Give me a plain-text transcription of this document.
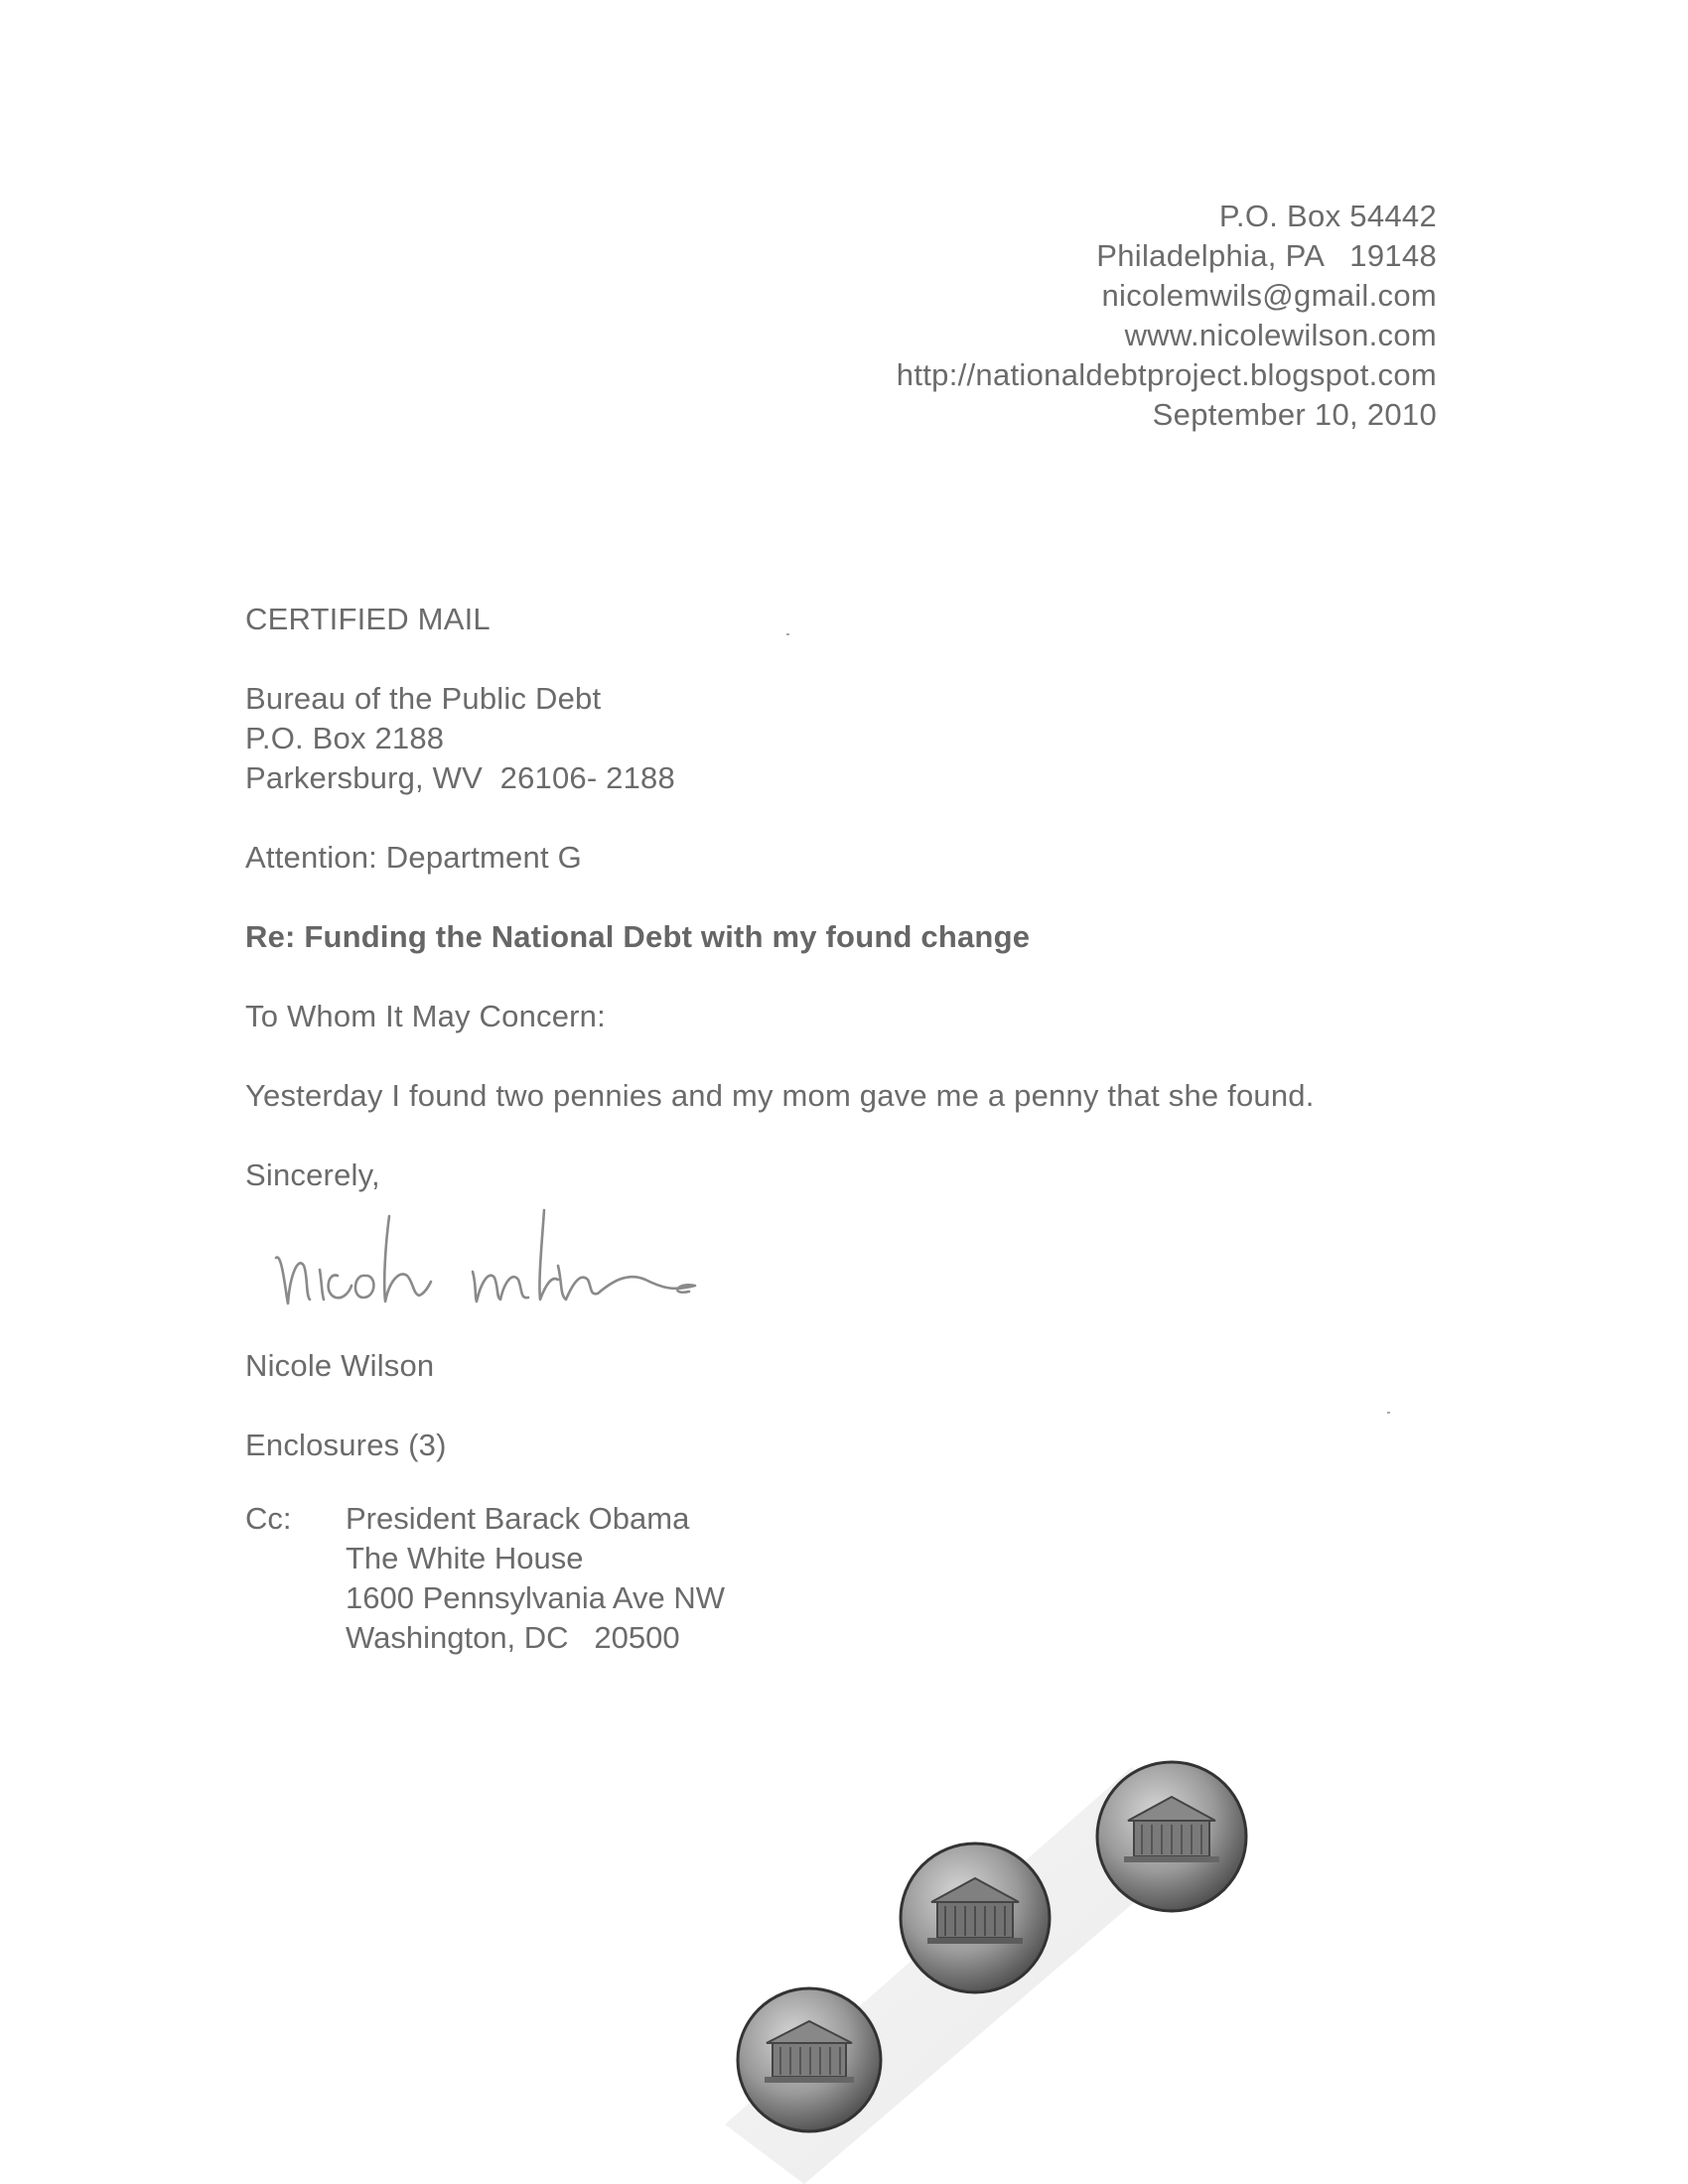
P.O. Box 54442
Philadelphia, PA   19148
nicolemwils@gmail.com
www.nicolewilson.com
http://nationaldebtproject.blogspot.com
September 10, 2010
CERTIFIED MAIL
Bureau of the Public Debt
P.O. Box 2188
Parkersburg, WV  26106- 2188
Attention: Department G
Re: Funding the National Debt with my found change
To Whom It May Concern:
Yesterday I found two pennies and my mom gave me a penny that she found.
Sincerely,
Nicole Wilson
Enclosures (3)
Cc: President Barack Obama
The White House
1600 Pennsylvania Ave NW
Washington, DC   20500
